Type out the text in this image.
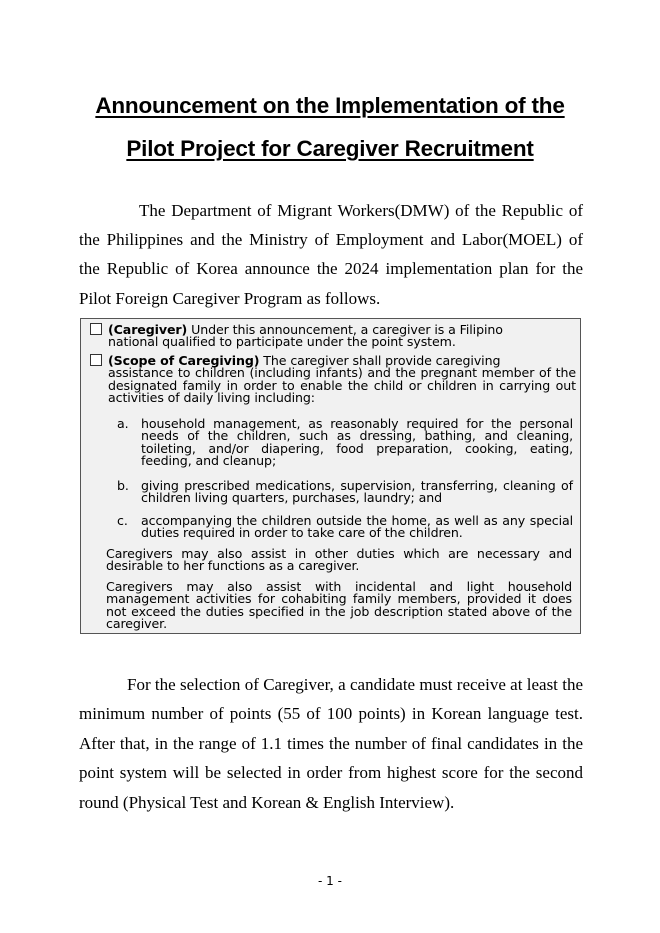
Announcement on the Implementation of the
Pilot Project for Caregiver Recruitment

The Department of Migrant Workers(DMW) of the Republic of the Philippines and the Ministry of Employment and Labor(MOEL) of the Republic of Korea announce the 2024 implementation plan for the Pilot Foreign Caregiver Program as follows.

(Caregiver) Under this announcement, a caregiver is a Filipino
national qualified to participate under the point system.
(Scope of Caregiving) The caregiver shall provide caregiving
assistance to children (including infants) and the pregnant member of the designated family in order to enable the child or children in carrying out activities of daily living including:
a. household management, as reasonably required for the personal needs of the children, such as dressing, bathing, and cleaning, toileting, and/or diapering, food preparation, cooking, eating, feeding, and cleanup;
b. giving prescribed medications, supervision, transferring, cleaning of children living quarters, purchases, laundry; and
c.	accompanying the children outside the home, as well as any special duties required in order to take care of the children.
Caregivers may also assist in other duties which are necessary and desirable to her functions as a caregiver.
Caregivers may also assist with incidental and light household management activities for cohabiting family members, provided it does not exceed the duties specified in the job description stated above of the caregiver.

For the selection of Caregiver, a candidate must receive at least the minimum number of points (55 of 100 points) in Korean language test. After that, in the range of 1.1 times the number of final candidates in the point system will be selected in order from highest score for the second round (Physical Test and Korean & English Interview).

- 1 -
